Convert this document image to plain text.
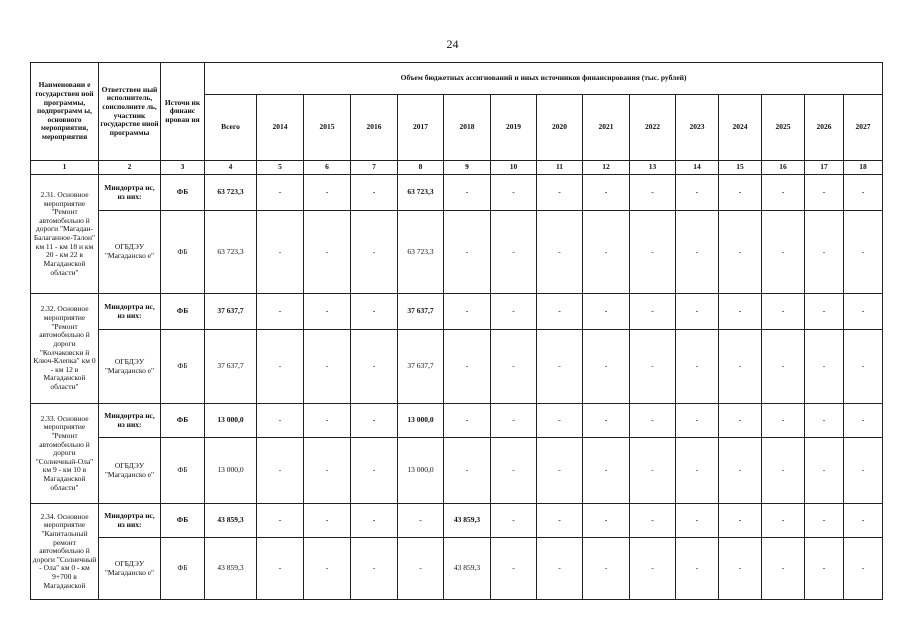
24
Наименовани е государствен ной программы, подпрограмм ы, основного мероприятия, мероприятия	Ответствен ный исполнитель, соисполните ль, участник государстве нной программы	Источн ик финанс ирован ия	Объем бюджетных ассигнований и иных источников финансирования (тыс. рублей)														
			Всего	2014	2015	2016	2017	2018	2019	2020	2021	2022	2023	2024	2025	2026	2027
1	2	3	4	5	6	7	8	9	10	11	12	13	14	15	16	17	18
2.31. Основное мероприятие "Ремонт автомобильно й дороги "Магадан-Балаганное-Талон" км 11 - км 18 и км 20 - км 22 в Магаданской области"	Миндортра нс, из них:	ФБ	63 723,3	-	-	-	63 723,3	-	-	-	-	-	-	-	-	-	-
	ОГБДЭУ "Магаданско е"	ФБ	63 723,3	-	-	-	63 723,3	-	-	-	-	-	-	-	-	-	-
2.32. Основное мероприятие "Ремонт автомобильно й дороги "Колчаковски й Ключ-Клепка" км 0 - км 12 в Магаданской области"	Миндортра нс, из них:	ФБ	37 637,7	-	-	-	37 637,7	-	-	-	-	-	-	-	-	-	-
	ОГБДЭУ "Магаданско е"	ФБ	37 637,7	-	-	-	37 637,7	-	-	-	-	-	-	-	-	-	-
2.33. Основное мероприятие "Ремонт автомобильно й дороги "Солнечный-Ола" км 9 - км 10 в Магаданской области"	Миндортра нс, из них:	ФБ	13 000,0	-	-	-	13 000,0	-	-	-	-	-	-	-	-	-	-
	ОГБДЭУ "Магаданско е"	ФБ	13 000,0	-	-	-	13 000,0	-	-	-	-	-	-	-	-	-	-
2.34. Основное мероприятие "Капитальный ремонт автомобильно й дороги "Солнечный - Ола" км 0 - км 9+700 в Магаданской	Миндортра нс, из них:	ФБ	43 859,3	-	-	-	-	43 859,3	-	-	-	-	-	-	-	-	-
	ОГБДЭУ "Магаданско е"	ФБ	43 859,3	-	-	-	-	43 859,3	-	-	-	-	-	-	-	-	-
